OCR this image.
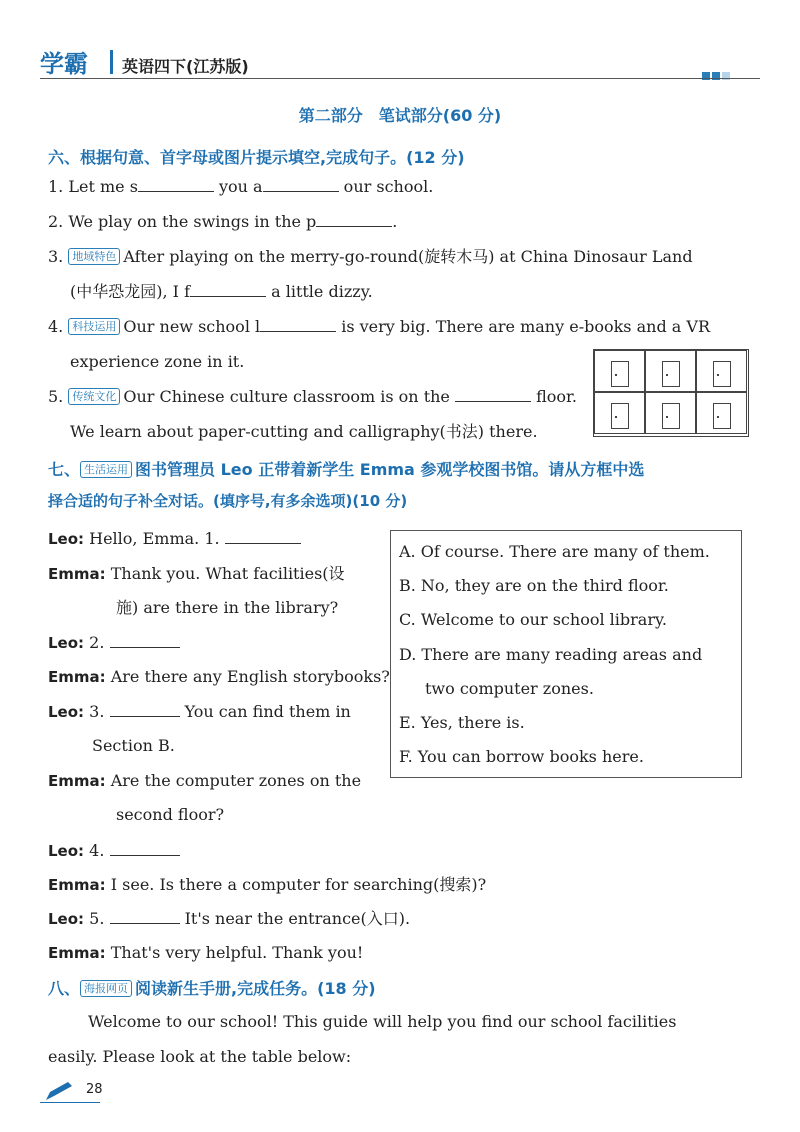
学霸 英语四下(江苏版)
第二部分　笔试部分(60 分)
六、根据句意、首字母或图片提示填空,完成句子。(12 分)
1. Let me s	you a	our school.
2. We play on the swings in the p	.
3. 地域特色 After playing on the merry-go-round(旋转木马) at China Dinosaur Land
(中华恐龙园), I f	a little dizzy.
4. 科技运用 Our new school l	is very big. There are many e-books and a VR
experience zone in it.
5. 传统文化 Our Chinese culture classroom is on the	floor.
We learn about paper-cutting and calligraphy(书法) there.
七、 生活运用 图书管理员 Leo 正带着新学生 Emma 参观学校图书馆。请从方框中选
择合适的句子补全对话。(填序号,有多余选项)(10 分)
Leo: Hello, Emma. 1.
Emma: Thank you. What facilities(设
施) are there in the library?
Leo: 2.
Emma: Are there any English storybooks?
Leo: 3.	You can find them in
Section B.
Emma: Are the computer zones on the
second floor?
Leo: 4.
Emma: I see. Is there a computer for searching(搜索)?
Leo: 5.	It's near the entrance(入口).
Emma: That's very helpful. Thank you!
A. Of course. There are many of them.
B. No, they are on the third floor.
C. Welcome to our school library.
D. There are many reading areas and
two computer zones.
E. Yes, there is.
F. You can borrow books here.
八、 海报网页 阅读新生手册,完成任务。(18 分)
Welcome to our school! This guide will help you find our school facilities
easily. Please look at the table below:
28
